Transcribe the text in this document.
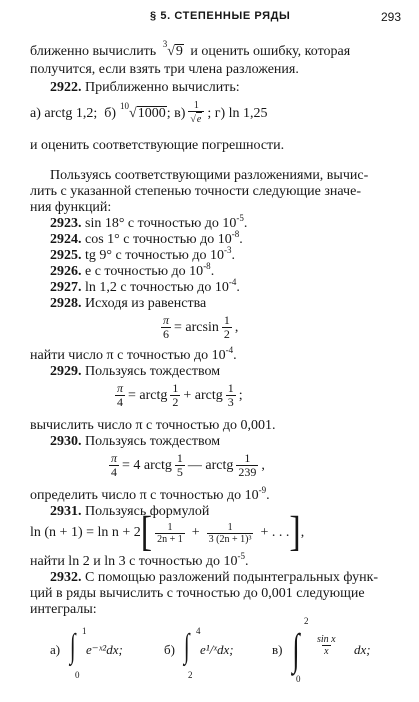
§ 5. СТЕПЕННЫЕ РЯДЫ	293
ближенно вычислить $^3$√9 и оценить ошибку, которая
получится, если взять три члена разложения.
2922. Приближенно вычислить:
а) arctg 1,2;  б) $^{10}$√1000 ; $в) \frac{1}{√e}$ ; г) ln 1,25
и оценить соответствующие погрешности.
Пользуясь соответствующими разложениями, вычис-
лить с указанной степенью точности следующие значе-
ния функций:
2923. sin 18° с точностью до $10^{-5}$.
2924. cos 1° с точностью до $10^{-8}$.
2925. tg 9° с точностью до $10^{-3}$.
2926. e с точностью до $10^{-8}$.
2927. ln 1,2 с точностью до $10^{-4}$.
2928. Исходя из равенства
$\frac{\pi}{6} = \arcsin \frac{1}{2}$ ,
найти число π с точностью до $10^{-4}$.
2929. Пользуясь тождеством
$\frac{\pi}{4}$ = arctg $\frac{1}{2}$ + arctg $\frac{1}{3}$ ;
вычислить число π с точностью до 0,001.
2930. Пользуясь тождеством
$\frac{\pi}{4} = 4$ arctg $\frac{1}{5}$ — arctg $\frac{1}{239}$ ,
определить число π с точностью до $10^{-9}$.
2931. Пользуясь формулой
ln (n + 1) = ln n + 2 [ $\frac{1}{2n + 1} + \frac{1}{\text{3 (2n + 1)³}}$ + . . . ] ,
найти ln 2 и ln 3 с точностью до $10^{-5}$.
2932. С помощью разложений подынтегральных функ-
ций в ряды вычислить с точностью до 0,001 следующие
интегралы:
а) ∫ 1
0
e⁻ˣ²dx;	б) ∫ 4
2
e¹/ˣdx;	в) ∫
2
0
$\frac{\text{sin x}}{x}$ dx;
